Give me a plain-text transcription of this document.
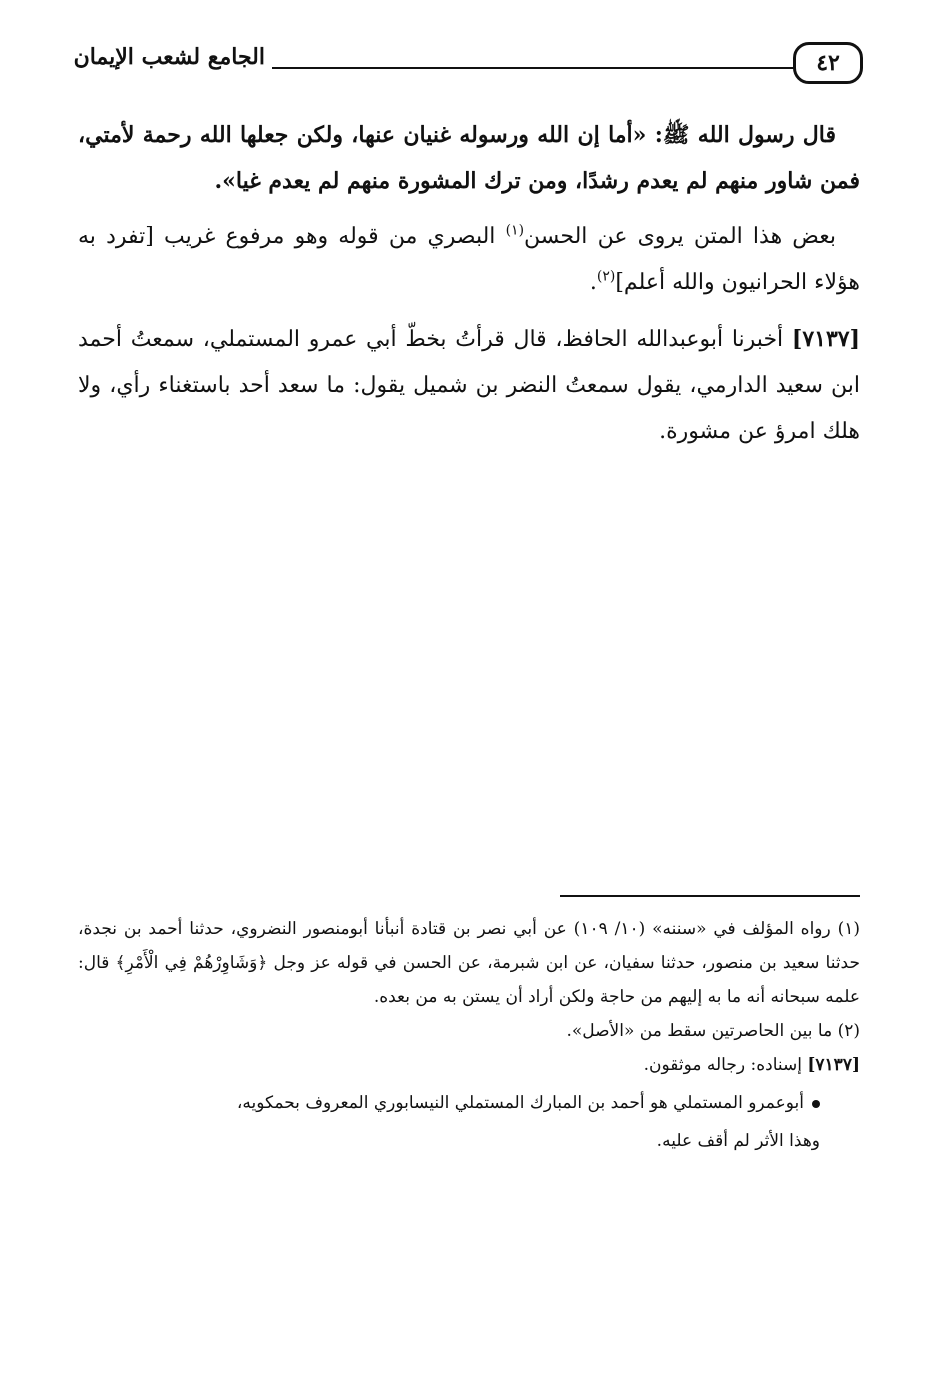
٤٢
الجامع لشعب الإيمان

قال رسول الله ﷺ: «أما إن الله ورسوله غنيان عنها، ولكن جعلها الله رحمة لأمتي، فمن شاور منهم لم يعدم رشدًا، ومن ترك المشورة منهم لم يعدم غيا».

بعض هذا المتن يروى عن الحسن$^{(١)}$ البصري من قوله وهو مرفوع غريب [تفرد به هؤلاء الحرانيون والله أعلم]$^{(٢)}$.

[٧١٣٧] أخبرنا أبوعبدالله الحافظ، قال قرأتُ بخطّ أبي عمرو المستملي، سمعتُ أحمد ابن سعيد الدارمي، يقول سمعتُ النضر بن شميل يقول: ما سعد أحد باستغناء رأي، ولا هلك امرؤ عن مشورة.

(١) رواه المؤلف في «سننه» (١٠/ ١٠٩) عن أبي نصر بن قتادة أنبأنا أبومنصور النضروي، حدثنا أحمد بن نجدة، حدثنا سعيد بن منصور، حدثنا سفيان، عن ابن شبرمة، عن الحسن في قوله عز وجل ﴿وَشَاوِرْهُمْ فِي الْأَمْرِ﴾ قال: علمه سبحانه أنه ما به إليهم من حاجة ولكن أراد أن يستن به من بعده.

(٢) ما بين الحاصرتين سقط من «الأصل».

[٧١٣٧] إسناده: رجاله موثقون.

أبوعمرو المستملي هو أحمد بن المبارك المستملي النيسابوري المعروف بحمكويه،

وهذا الأثر لم أقف عليه.
